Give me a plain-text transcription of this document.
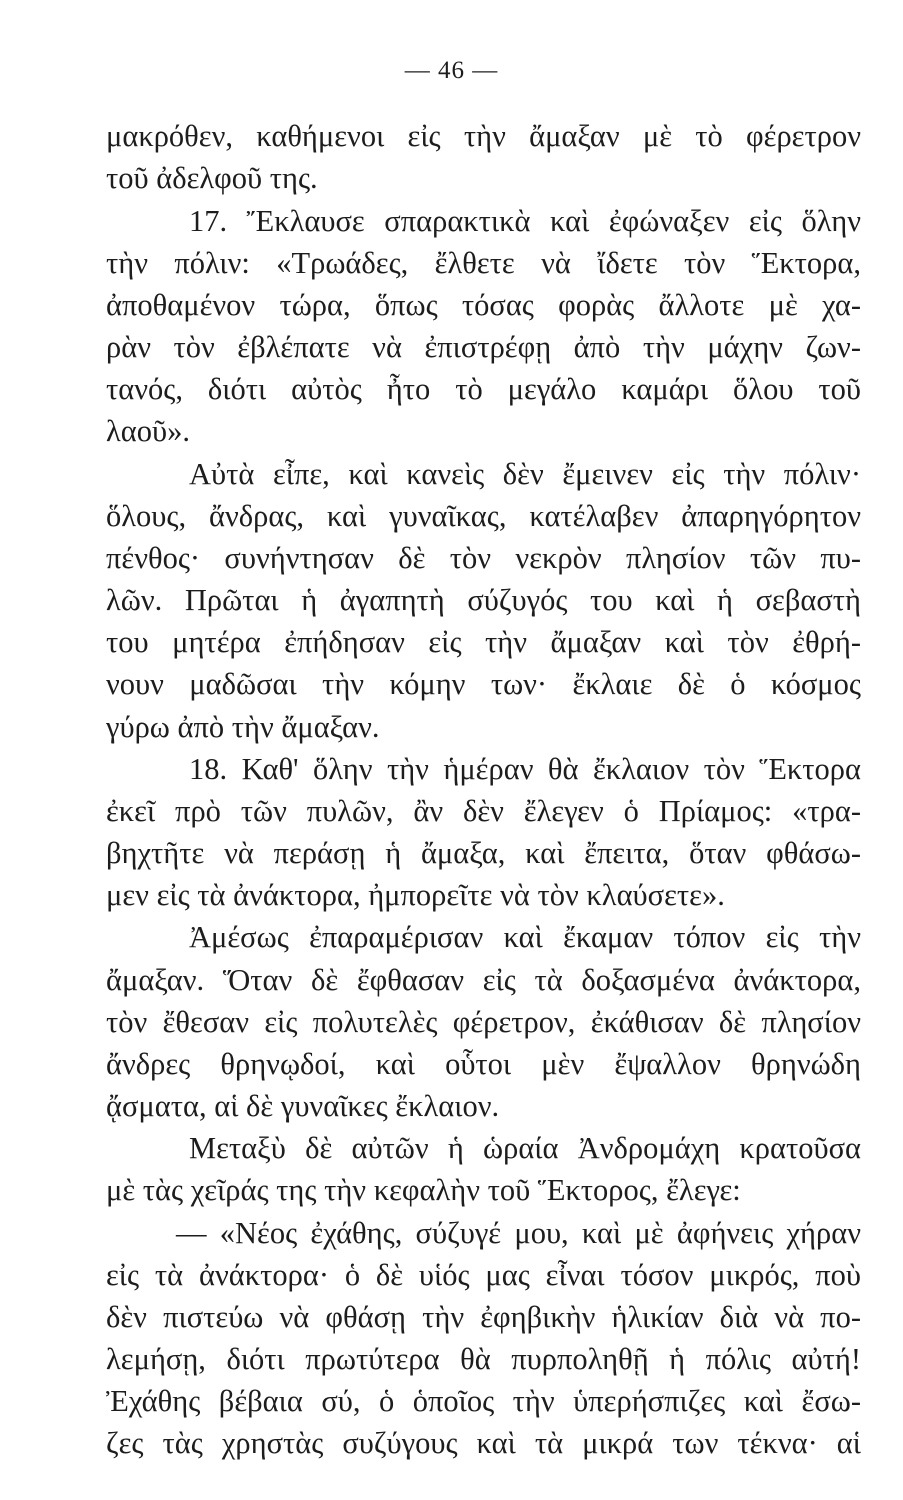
— 46 —
μακρόθεν, καθήμενοι εἰς τὴν ἄμαξαν μὲ τὸ φέρετρον
τοῦ ἀδελφοῦ της.
17. Ἔκλαυσε σπαρακτικὰ καὶ ἐφώναξεν εἰς ὅλην
τὴν πόλιν: «Τρωάδες, ἔλθετε νὰ ἴδετε τὸν Ἕκτορα,
ἀποθαμένον τώρα, ὅπως τόσας φορὰς ἄλλοτε μὲ χα-
ρὰν τὸν ἐβλέπατε νὰ ἐπιστρέφῃ ἀπὸ τὴν μάχην ζων-
τανός, διότι αὐτὸς ἦτο τὸ μεγάλο καμάρι ὅλου τοῦ
λαοῦ».
Αὐτὰ εἶπε, καὶ κανεὶς δὲν ἔμεινεν εἰς τὴν πόλιν·
ὅλους, ἄνδρας, καὶ γυναῖκας, κατέλαβεν ἀπαρηγόρητον
πένθος· συνήντησαν δὲ τὸν νεκρὸν πλησίον τῶν πυ-
λῶν. Πρῶται ἡ ἀγαπητὴ σύζυγός του καὶ ἡ σεβαστὴ
του μητέρα ἐπήδησαν εἰς τὴν ἄμαξαν καὶ τὸν ἐθρή-
νουν μαδῶσαι τὴν κόμην των· ἔκλαιε δὲ ὁ κόσμος
γύρω ἀπὸ τὴν ἄμαξαν.
18. Καθ' ὅλην τὴν ἡμέραν θὰ ἔκλαιον τὸν Ἕκτορα
ἐκεῖ πρὸ τῶν πυλῶν, ἂν δὲν ἔλεγεν ὁ Πρίαμος: «τρα-
βηχτῆτε νὰ περάσῃ ἡ ἄμαξα, καὶ ἔπειτα, ὅταν φθάσω-
μεν εἰς τὰ ἀνάκτορα, ἠμπορεῖτε νὰ τὸν κλαύσετε».
Ἀμέσως ἐπαραμέρισαν καὶ ἔκαμαν τόπον εἰς τὴν
ἄμαξαν. Ὅταν δὲ ἔφθασαν εἰς τὰ δοξασμένα ἀνάκτορα,
τὸν ἔθεσαν εἰς πολυτελὲς φέρετρον, ἐκάθισαν δὲ πλησίον
ἄνδρες θρηνῳδοί, καὶ οὗτοι μὲν ἔψαλλον θρηνώδη
ᾄσματα, αἱ δὲ γυναῖκες ἔκλαιον.
Μεταξὺ δὲ αὐτῶν ἡ ὡραία Ἀνδρομάχη κρατοῦσα
μὲ τὰς χεῖράς της τὴν κεφαλὴν τοῦ Ἕκτορος, ἔλεγε:
— «Νέος ἐχάθης, σύζυγέ μου, καὶ μὲ ἀφήνεις χήραν
εἰς τὰ ἀνάκτορα· ὁ δὲ υἱός μας εἶναι τόσον μικρός, ποὺ
δὲν πιστεύω νὰ φθάσῃ τὴν ἐφηβικὴν ἡλικίαν διὰ νὰ πο-
λεμήσῃ, διότι πρωτύτερα θὰ πυρποληθῇ ἡ πόλις αὐτή!
Ἐχάθης βέβαια σύ, ὁ ὁποῖος τὴν ὑπερήσπιζες καὶ ἔσω-
ζες τὰς χρηστὰς συζύγους καὶ τὰ μικρά των τέκνα· αἱ
